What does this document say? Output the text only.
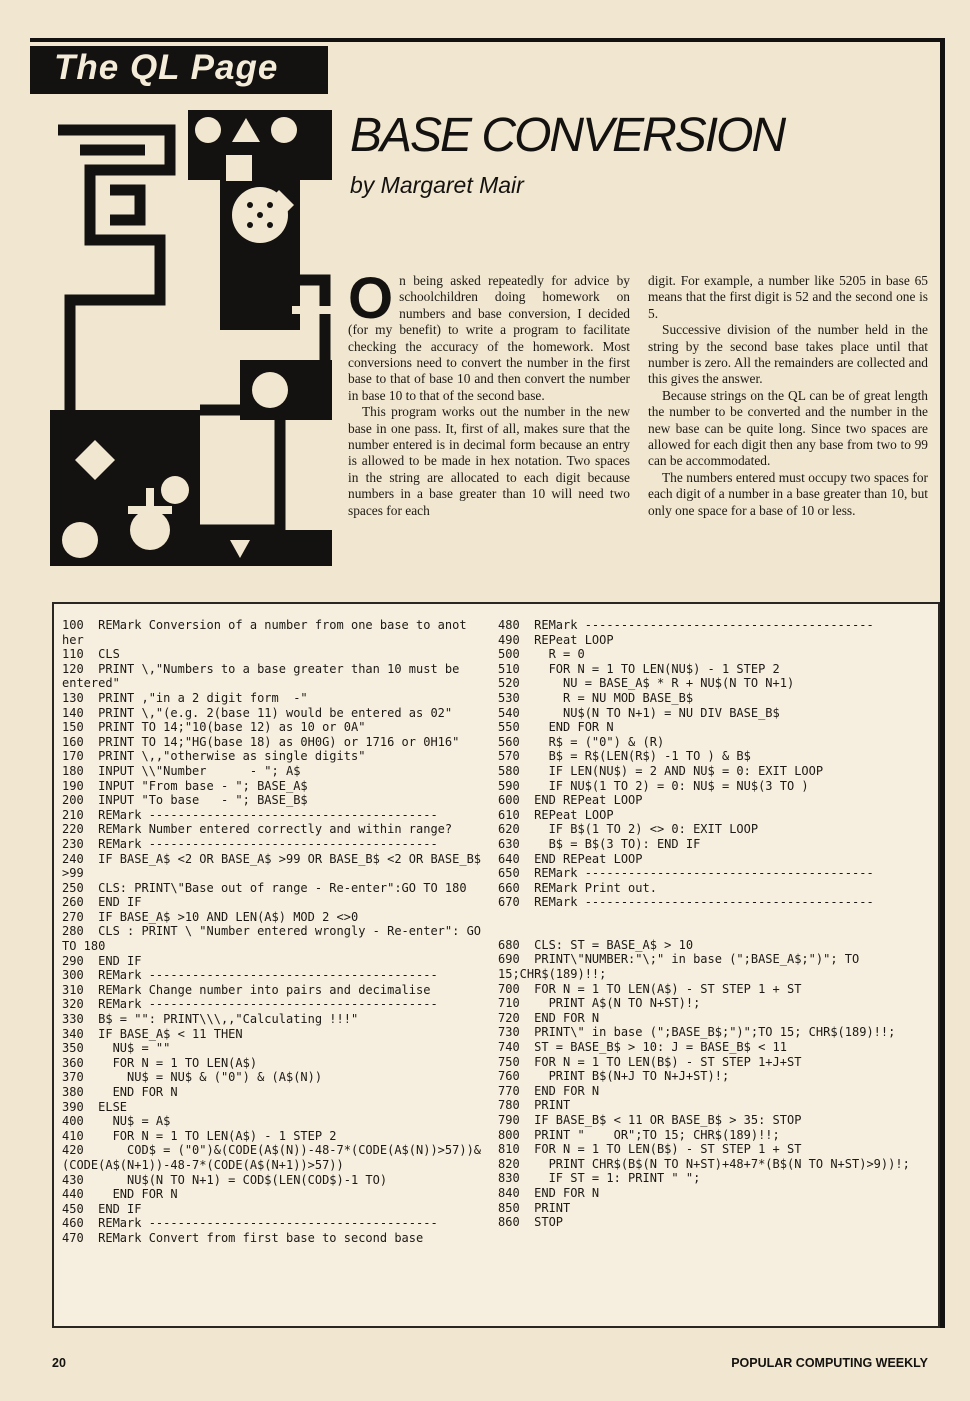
The QL Page
BASE CONVERSION
by Margaret Mair

On being asked repeatedly for advice by schoolchildren doing homework on numbers and base conversion, I decided (for my benefit) to write a program to facilitate checking the accuracy of the homework. Most conversions need to convert the number in the first base to that of base 10 and then convert the number in base 10 to that of the second base.

This program works out the number in the new base in one pass. It, first of all, makes sure that the number entered is in decimal form because an entry is allowed to be made in hex notation. Two spaces in the string are allocated to each digit because numbers in a base greater than 10 will need two spaces for each

digit. For example, a number like 5205 in base 65 means that the first digit is 52 and the second one is 5.

Successive division of the number held in the string by the second base takes place until that number is zero. All the remainders are collected and this gives the answer.

Because strings on the QL can be of great length the number to be converted and the number in the new base can be quite long. Since two spaces are allowed for each digit then any base from two to 99 can be accommodated.

The numbers entered must occupy two spaces for each digit of a number in a base greater than 10, but only one space for a base of 10 or less.

100  REMark Conversion of a number from one base to anot her
110  CLS
120  PRINT \,"Numbers to a base greater than 10 must be entered"
130  PRINT ,"in a 2 digit form  -"
140  PRINT \,"(e.g. 2(base 11) would be entered as 02"
150  PRINT TO 14;"10(base 12) as 10 or 0A"
160  PRINT TO 14;"HG(base 18) as 0H0G) or 1716 or 0H16"
170  PRINT \,,"otherwise as single digits"
180  INPUT \\"Number      - "; A$
190  INPUT "From base - "; BASE_A$
200  INPUT "To base   - "; BASE_B$
210  REMark ----------------------------------------
220  REMark Number entered correctly and within range?
230  REMark ----------------------------------------
240  IF BASE_A$ <2 OR BASE_A$ >99 OR BASE_B$ <2 OR BASE_B$ >99
250  CLS: PRINT\"Base out of range - Re-enter":GO TO 180
260  END IF
270  IF BASE_A$ >10 AND LEN(A$) MOD 2 <>0
280  CLS : PRINT \ "Number entered wrongly - Re-enter": GO TO 180
290  END IF
300  REMark ----------------------------------------
310  REMark Change number into pairs and decimalise
320  REMark ----------------------------------------
330  B$ = "": PRINT\\\,,"Calculating !!!"
340  IF BASE_A$ < 11 THEN
350    NU$ = ""
360    FOR N = 1 TO LEN(A$)
370      NU$ = NU$ & ("0") & (A$(N))
380    END FOR N
390  ELSE
400    NU$ = A$
410    FOR N = 1 TO LEN(A$) - 1 STEP 2
420      COD$ = ("0")&(CODE(A$(N))-48-7*(CODE(A$(N))>57))&(CODE(A$(N+1))-48-7*(CODE(A$(N+1))>57))
430      NU$(N TO N+1) = COD$(LEN(COD$)-1 TO)
440    END FOR N
450  END IF
460  REMark ----------------------------------------
470  REMark Convert from first base to second base
480  REMark ----------------------------------------
490  REPeat LOOP
500    R = 0
510    FOR N = 1 TO LEN(NU$) - 1 STEP 2
520      NU = BASE_A$ * R + NU$(N TO N+1)
530      R = NU MOD BASE_B$
540      NU$(N TO N+1) = NU DIV BASE_B$
550    END FOR N
560    R$ = ("0") & (R)
570    B$ = R$(LEN(R$) -1 TO ) & B$
580    IF LEN(NU$) = 2 AND NU$ = 0: EXIT LOOP
590    IF NU$(1 TO 2) = 0: NU$ = NU$(3 TO )
600  END REPeat LOOP
610  REPeat LOOP
620    IF B$(1 TO 2) <> 0: EXIT LOOP
630    B$ = B$(3 TO): END IF
640  END REPeat LOOP
650  REMark ----------------------------------------
660  REMark Print out.
670  REMark ----------------------------------------
680  CLS: ST = BASE_A$ > 10
690  PRINT\"NUMBER:"\;" in base (";BASE_A$;")"; TO 15;CHR$(189)!!;
700  FOR N = 1 TO LEN(A$) - ST STEP 1 + ST
710    PRINT A$(N TO N+ST)!;
720  END FOR N
730  PRINT\" in base (";BASE_B$;")";TO 15; CHR$(189)!!;
740  ST = BASE_B$ > 10: J = BASE_B$ < 11
750  FOR N = 1 TO LEN(B$) - ST STEP 1+J+ST
760    PRINT B$(N+J TO N+J+ST)!;
770  END FOR N
780  PRINT
790  IF BASE_B$ < 11 OR BASE_B$ > 35: STOP
800  PRINT "    OR";TO 15; CHR$(189)!!;
810  FOR N = 1 TO LEN(B$) - ST STEP 1 + ST
820    PRINT CHR$(B$(N TO N+ST)+48+7*(B$(N TO N+ST)>9))!;
830    IF ST = 1: PRINT " ";
840  END FOR N
850  PRINT
860  STOP
20	POPULAR COMPUTING WEEKLY
